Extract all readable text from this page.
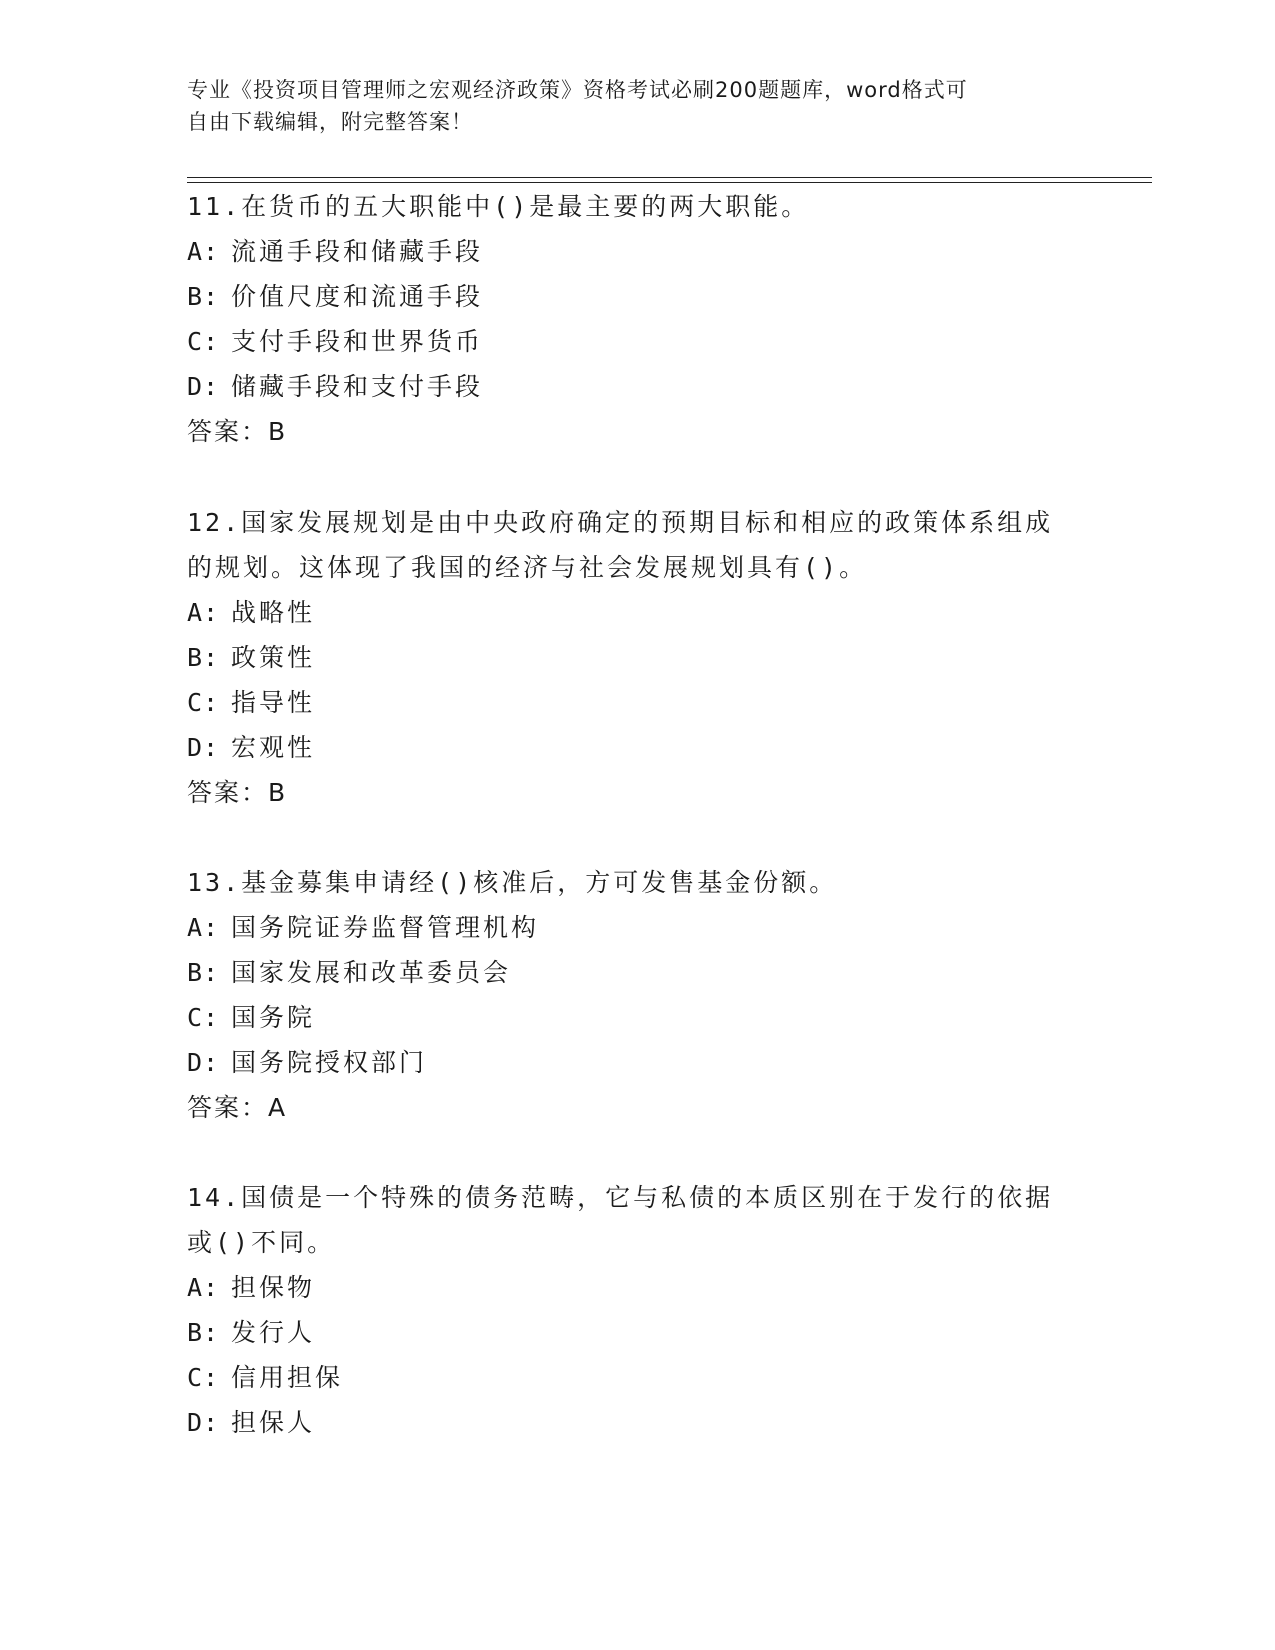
专业《投资项目管理师之宏观经济政策》资格考试必刷200题题库，word格式可
自由下载编辑，附完整答案！
11.在货币的五大职能中()是最主要的两大职能。
A: 流通手段和储藏手段
B: 价值尺度和流通手段
C: 支付手段和世界货币
D: 储藏手段和支付手段
答案：B
12.国家发展规划是由中央政府确定的预期目标和相应的政策体系组成的规划。这体现了我国的经济与社会发展规划具有()。
A: 战略性
B: 政策性
C: 指导性
D: 宏观性
答案：B
13.基金募集申请经()核准后，方可发售基金份额。
A: 国务院证券监督管理机构
B: 国家发展和改革委员会
C: 国务院
D: 国务院授权部门
答案：A
14.国债是一个特殊的债务范畴，它与私债的本质区别在于发行的依据或()不同。
A: 担保物
B: 发行人
C: 信用担保
D: 担保人
